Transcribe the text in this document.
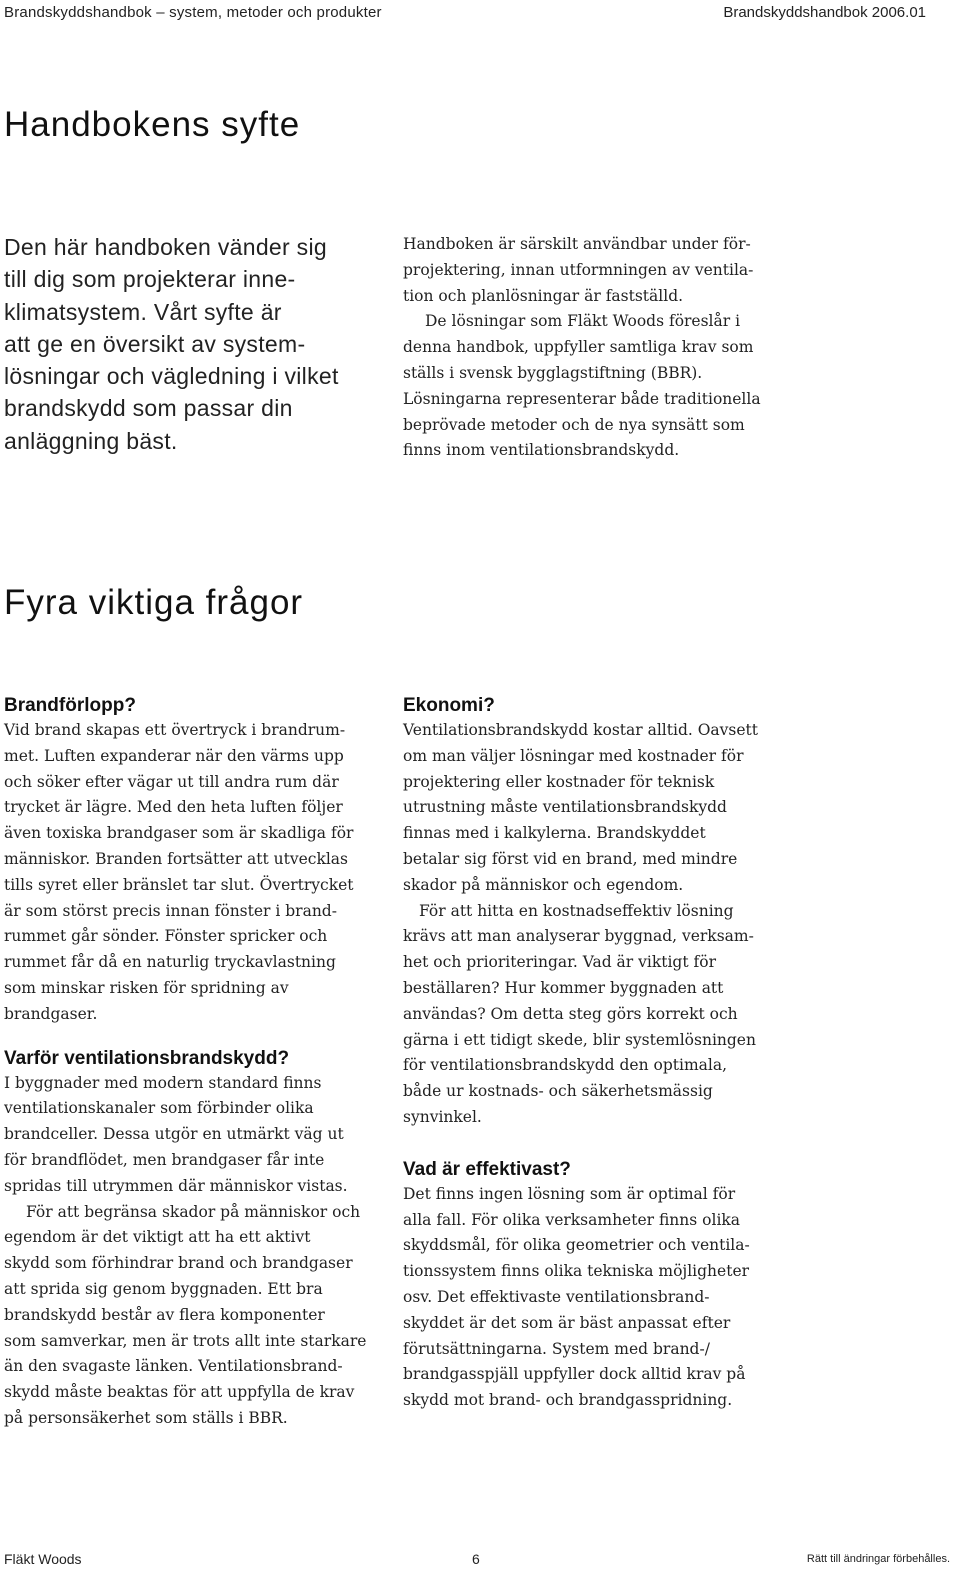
Brandskyddshandbok – system, metoder och produkter	Brandskyddshandbok 2006.01
Handbokens syfte
Den här handboken vänder sig
till dig som projekterar inne-
klimatsystem. Vårt syfte är
att ge en översikt av system-
lösningar och vägledning i vilket
brandskydd som passar din
anläggning bäst.

Handboken är särskilt användbar under för-
projektering, innan utformningen av ventila-
tion och planlösningar är fastställd.

De lösningar som Fläkt Woods föreslår i
denna handbok, uppfyller samtliga krav som
ställs i svensk bygglagstiftning (BBR).
Lösningarna representerar både traditionella
beprövade metoder och de nya synsätt som
finns inom ventilationsbrandskydd.

Fyra viktiga frågor
Brandförlopp?

Vid brand skapas ett övertryck i brandrum-
met. Luften expanderar när den värms upp
och söker efter vägar ut till andra rum där
trycket är lägre. Med den heta luften följer
även toxiska brandgaser som är skadliga för
människor. Branden fortsätter att utvecklas
tills syret eller bränslet tar slut. Övertrycket
är som störst precis innan fönster i brand-
rummet går sönder. Fönster spricker och
rummet får då en naturlig tryckavlastning
som minskar risken för spridning av
brandgaser.

Varför ventilationsbrandskydd?

I byggnader med modern standard finns
ventilationskanaler som förbinder olika
brandceller. Dessa utgör en utmärkt väg ut
för brandflödet, men brandgaser får inte
spridas till utrymmen där människor vistas.

För att begränsa skador på människor och
egendom är det viktigt att ha ett aktivt
skydd som förhindrar brand och brandgaser
att sprida sig genom byggnaden. Ett bra
brandskydd består av flera komponenter
som samverkar, men är trots allt inte starkare
än den svagaste länken. Ventilationsbrand-
skydd måste beaktas för att uppfylla de krav
på personsäkerhet som ställs i BBR.

Ekonomi?

Ventilationsbrandskydd kostar alltid. Oavsett
om man väljer lösningar med kostnader för
projektering eller kostnader för teknisk
utrustning måste ventilationsbrandskydd
finnas med i kalkylerna. Brandskyddet
betalar sig först vid en brand, med mindre
skador på människor och egendom.

För att hitta en kostnadseffektiv lösning
krävs att man analyserar byggnad, verksam-
het och prioriteringar. Vad är viktigt för
beställaren? Hur kommer byggnaden att
användas? Om detta steg görs korrekt och
gärna i ett tidigt skede, blir systemlösningen
för ventilationsbrandskydd den optimala,
både ur kostnads- och säkerhetsmässig
synvinkel.

Vad är effektivast?

Det finns ingen lösning som är optimal för
alla fall. För olika verksamheter finns olika
skyddsmål, för olika geometrier och ventila-
tionssystem finns olika tekniska möjligheter
osv. Det effektivaste ventilationsbrand-
skyddet är det som är bäst anpassat efter
förutsättningarna. System med brand-/
brandgasspjäll uppfyller dock alltid krav på
skydd mot brand- och brandgasspridning.

Fläkt Woods	6	Rätt till ändringar förbehålles.
